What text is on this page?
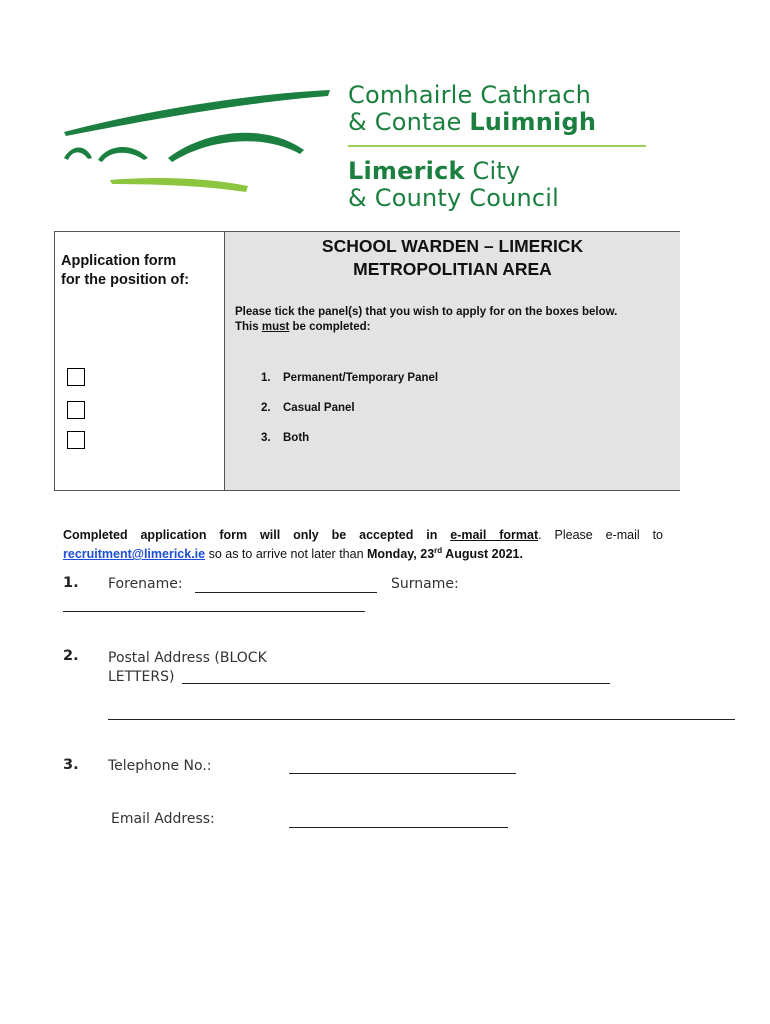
Comhairle Cathrach
& Contae Luimnigh
Limerick City
& County Council
Application form
for the position of:
SCHOOL WARDEN – LIMERICK
METROPOLITIAN AREA
Please tick the panel(s) that you wish to apply for on the boxes below.
This must be completed:
1. Permanent/Temporary Panel
2. Casual Panel
3. Both
Completed application form will only be accepted in e-mail format. Please e-mail to recruitment@limerick.ie so as to arrive not later than Monday, 23rd August 2021.
1. Forename:	Surname:
2. Postal Address (BLOCK
LETTERS)
3. Telephone No.:
Email Address:
